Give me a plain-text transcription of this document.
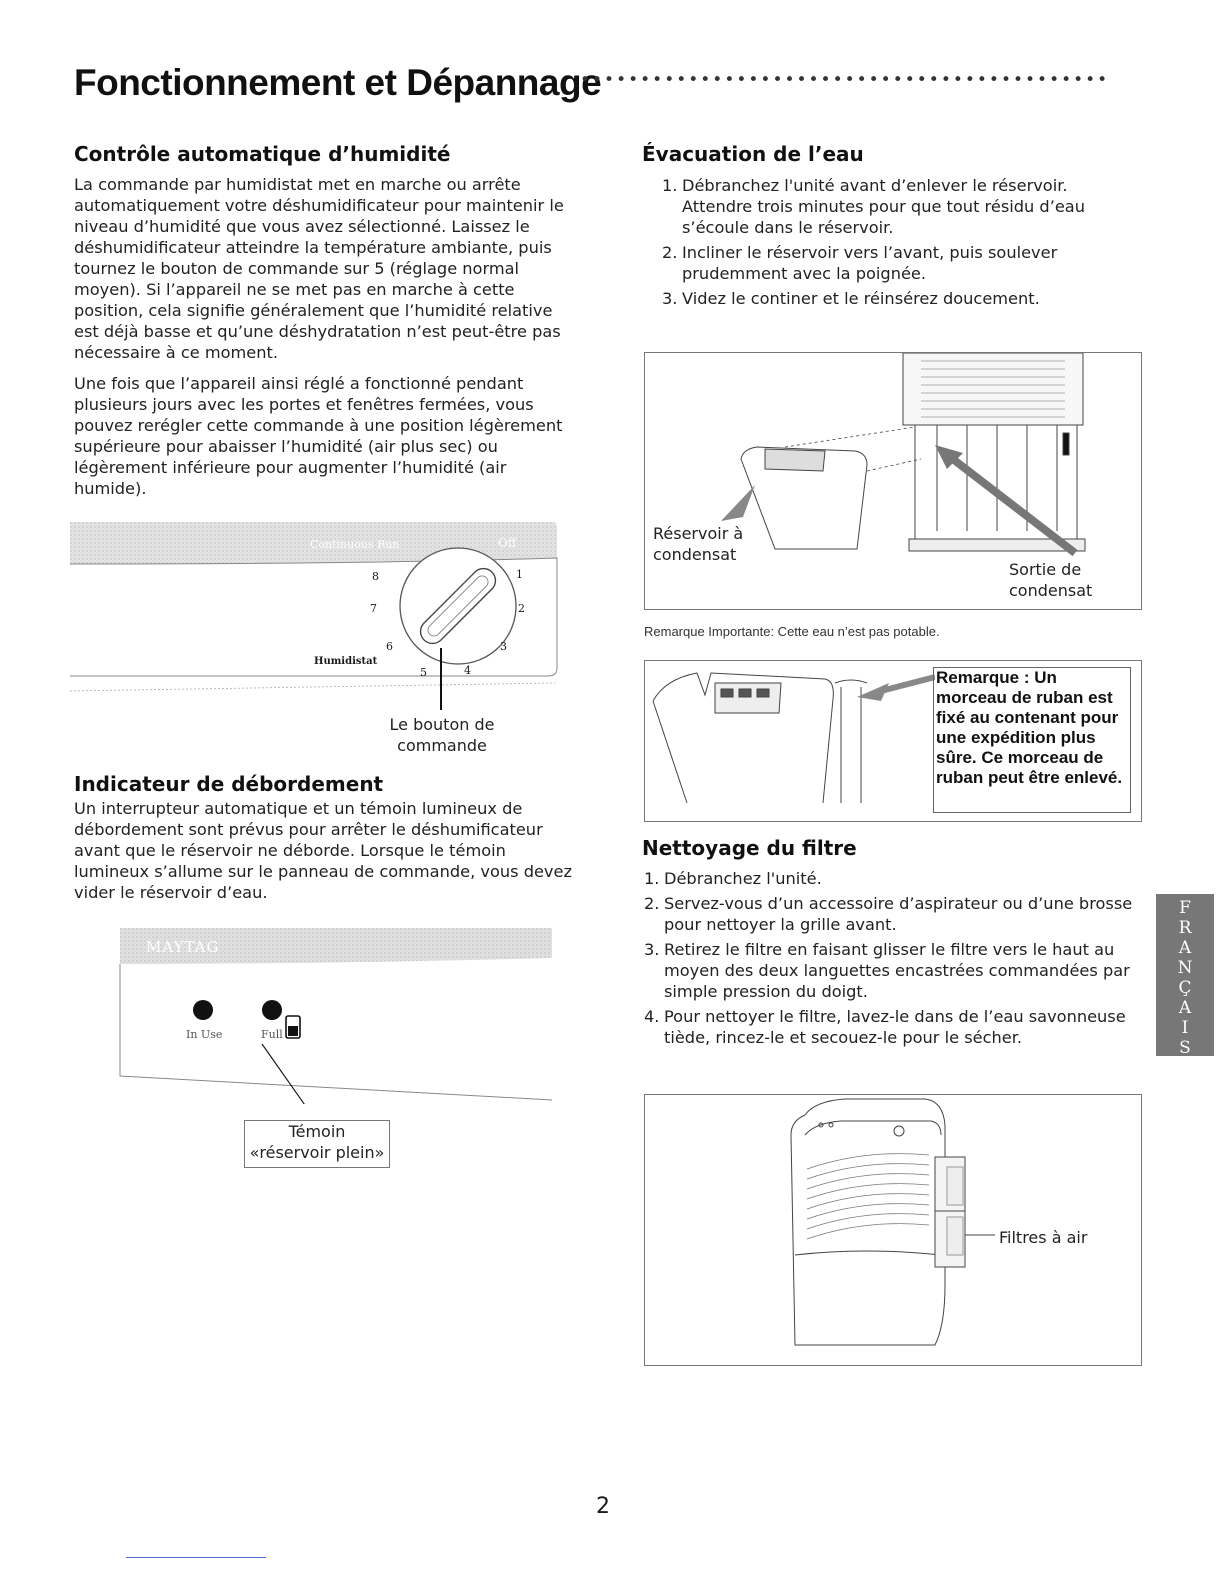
Fonctionnement et Dépannage
••••••••••••••••••••••••••••••••••••••••••••
Contrôle automatique d’humidité

La commande par humidistat met en marche ou arrête automatiquement votre déshumidificateur pour maintenir le niveau d’humidité que vous avez sélectionné. Laissez le déshumidificateur atteindre la température ambiante, puis tournez le bouton de commande sur 5 (réglage normal moyen). Si l’appareil ne se met pas en marche à cette position, cela signifie généralement que l’humidité relative est déjà basse et qu’une déshydratation n’est peut-être pas nécessaire à ce moment.

Une fois que l’appareil ainsi réglé a fonctionné pendant plusieurs jours avec les portes et fenêtres fermées, vous pouvez rerégler cette commande à une position légèrement supérieure pour abaisser l’humidité (air plus sec) ou légèrement inférieure pour augmenter l’humidité (air humide).

Continuous Run	Off
1
2
3
4
5
6
7
8
Humidistat
Le bouton de
commande
Indicateur de débordement
Un interrupteur automatique et un témoin lumineux de débordement sont prévus pour arrêter le déshumificateur avant que le réservoir ne déborde. Lorsque le témoin lumineux s’allume sur le panneau de commande, vous devez vider le réservoir d’eau.
MAYTAG
In Use	Full
Témoin
«réservoir plein»
Évacuation de l’eau
1. Débranchez l'unité avant d’enlever le réservoir. Attendre trois minutes pour que tout résidu d’eau s’écoule dans le réservoir.
2. Incliner le réservoir vers l’avant, puis soulever prudemment avec la poignée.
3. Videz le continer et le réinsérez doucement.
Réservoir à
condensat
Sortie de
condensat
Remarque Importante: Cette eau n’est pas potable.
Remarque : Un morceau de ruban est fixé au contenant pour une expédition plus sûre. Ce morceau de ruban peut être enlevé.
Nettoyage du filtre
1. Débranchez l'unité.
2. Servez-vous d’un accessoire d’aspirateur ou d’une brosse pour nettoyer la grille avant.
3. Retirez le filtre en faisant glisser le filtre vers le haut au moyen des deux languettes encastrées commandées par simple pression du doigt.
4. Pour nettoyer le filtre, lavez-le dans de l’eau savonneuse tiède, rincez-le et secouez-le pour le sécher.
Filtres à air
F
R
A
N
Ç
A
I
S
2
